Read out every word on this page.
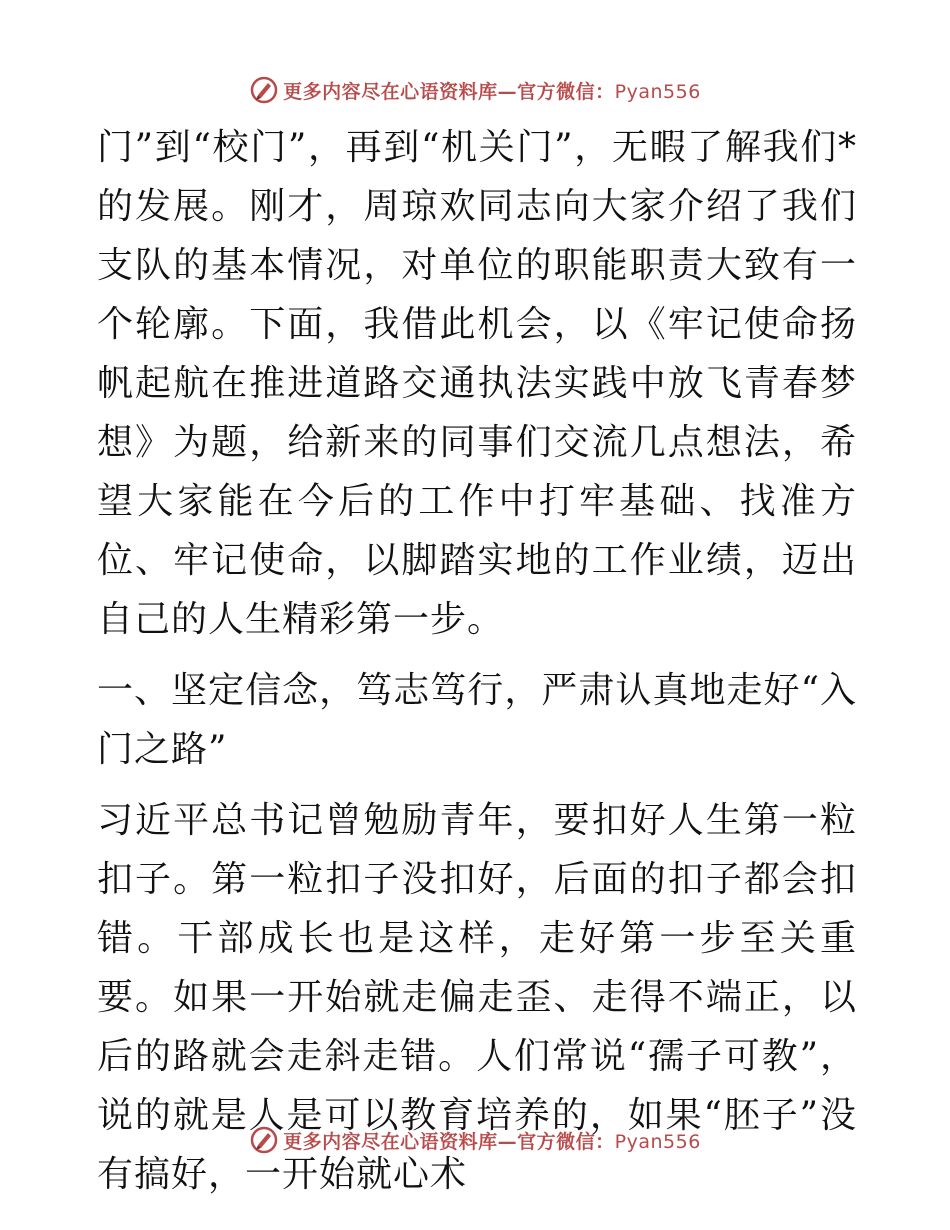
更多内容尽在心语资料库—官方微信：Pyan556

门”到“校门”，再到“机关门”，无暇了解我们*的发展。刚才，周琼欢同志向大家介绍了我们支队的基本情况，对单位的职能职责大致有一个轮廓。下面，我借此机会，以《牢记使命扬帆起航在推进道路交通执法实践中放飞青春梦想》为题，给新来的同事们交流几点想法，希望大家能在今后的工作中打牢基础、找准方位、牢记使命，以脚踏实地的工作业绩，迈出自己的人生精彩第一步。

一、坚定信念，笃志笃行，严肃认真地走好“入门之路”

习近平总书记曾勉励青年，要扣好人生第一粒扣子。第一粒扣子没扣好，后面的扣子都会扣错。干部成长也是这样，走好第一步至关重要。如果一开始就走偏走歪、走得不端正，以后的路就会走斜走错。人们常说“孺子可教”，说的就是人是可以教育培养的，如果“胚子”没有搞好，一开始就心术

更多内容尽在心语资料库—官方微信：Pyan556
